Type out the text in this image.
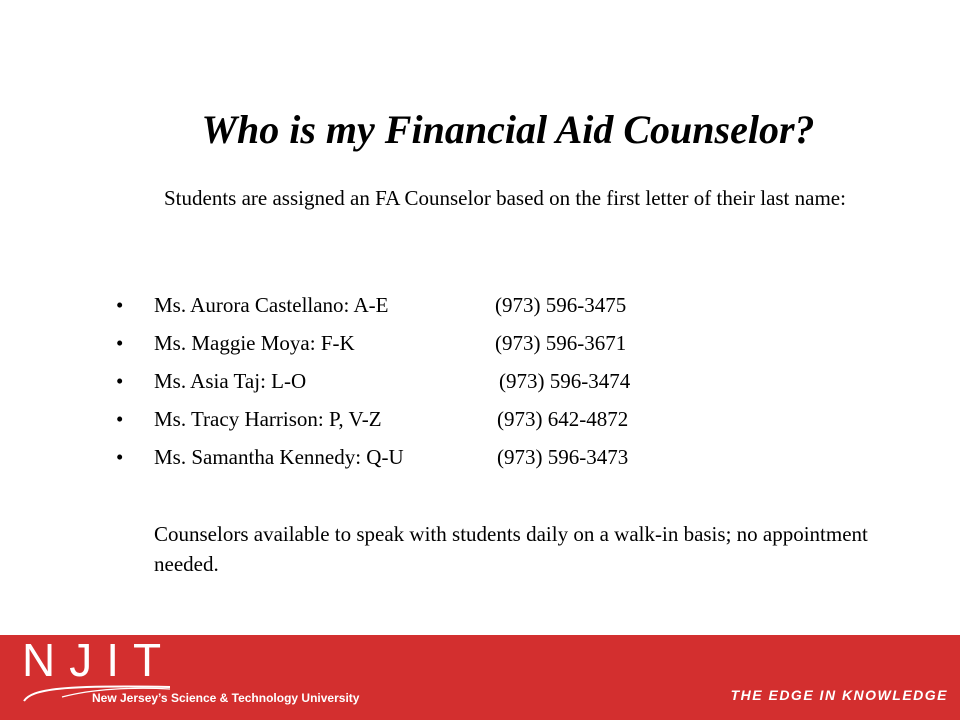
Who is my Financial Aid Counselor?

Students are assigned an FA Counselor based on the first letter of their last name:

• Ms. Aurora Castellano: A-E	(973) 596-3475
• Ms. Maggie Moya: F-K	(973) 596-3671
• Ms. Asia Taj: L-O	(973) 596-3474
• Ms. Tracy Harrison: P, V-Z	(973) 642-4872
• Ms. Samantha Kennedy: Q-U	(973) 596-3473

Counselors available to speak with students daily on a walk-in basis; no appointment needed.

NJIT
New Jersey’s Science & Technology University	THE EDGE IN KNOWLEDGE
